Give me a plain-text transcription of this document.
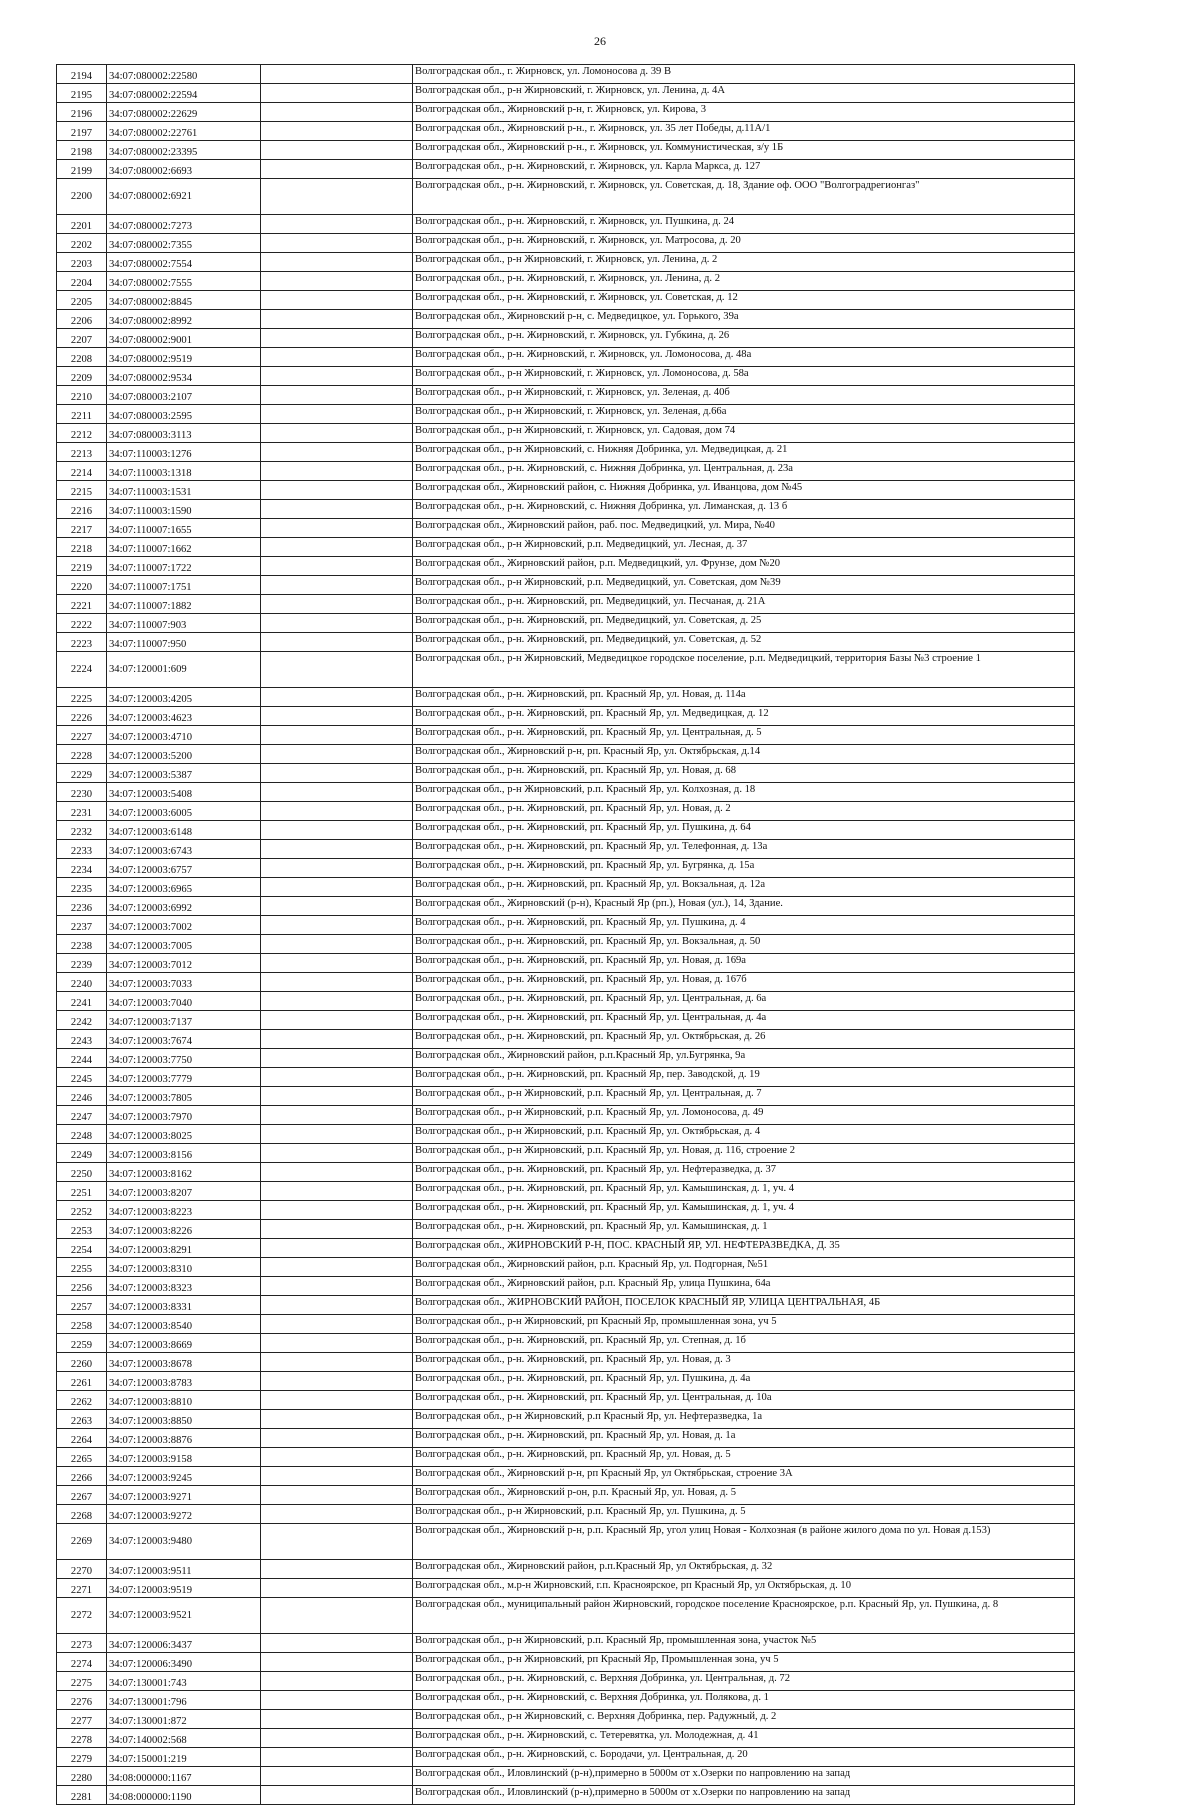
26
2194	34:07:080002:22580		Волгоградская обл., г. Жирновск, ул. Ломоносова д. 39 В
2195	34:07:080002:22594		Волгоградская обл., р-н Жирновский, г. Жирновск, ул. Ленина, д. 4А
2196	34:07:080002:22629		Волгоградская обл., Жирновский р-н, г. Жирновск, ул. Кирова, 3
2197	34:07:080002:22761		Волгоградская обл., Жирновский р-н., г. Жирновск, ул. 35 лет Победы, д.11А/1
2198	34:07:080002:23395		Волгоградская обл., Жирновский р-н., г. Жирновск, ул. Коммунистическая, з/у 1Б
2199	34:07:080002:6693		Волгоградская обл., р-н. Жирновский, г. Жирновск, ул. Карла Маркса, д. 127
2200	34:07:080002:6921		Волгоградская обл., р-н. Жирновский, г. Жирновск, ул. Советская, д. 18, Здание оф. ООО "Волгоградрегионгаз"
2201	34:07:080002:7273		Волгоградская обл., р-н. Жирновский, г. Жирновск, ул. Пушкина, д. 24
2202	34:07:080002:7355		Волгоградская обл., р-н. Жирновский, г. Жирновск, ул. Матросова, д. 20
2203	34:07:080002:7554		Волгоградская обл., р-н Жирновский, г. Жирновск, ул. Ленина, д. 2
2204	34:07:080002:7555		Волгоградская обл., р-н. Жирновский, г. Жирновск, ул. Ленина, д. 2
2205	34:07:080002:8845		Волгоградская обл., р-н. Жирновский, г. Жирновск, ул. Советская, д. 12
2206	34:07:080002:8992		Волгоградская обл., Жирновский р-н, с. Медведицкое, ул. Горького, 39а
2207	34:07:080002:9001		Волгоградская обл., р-н. Жирновский, г. Жирновск, ул. Губкина, д. 26
2208	34:07:080002:9519		Волгоградская обл., р-н. Жирновский, г. Жирновск, ул. Ломоносова, д. 48а
2209	34:07:080002:9534		Волгоградская обл., р-н Жирновский, г. Жирновск, ул. Ломоносова, д. 58а
2210	34:07:080003:2107		Волгоградская обл., р-н Жирновский, г. Жирновск, ул. Зеленая, д. 40б
2211	34:07:080003:2595		Волгоградская обл., р-н Жирновский, г. Жирновск, ул. Зеленая, д.66а
2212	34:07:080003:3113		Волгоградская обл., р-н Жирновский, г. Жирновск, ул. Садовая, дом 74
2213	34:07:110003:1276		Волгоградская обл., р-н Жирновский, с. Нижняя Добринка, ул. Медведицкая, д. 21
2214	34:07:110003:1318		Волгоградская обл., р-н. Жирновский, с. Нижняя Добринка, ул. Центральная, д. 23а
2215	34:07:110003:1531		Волгоградская обл., Жирновский район, с. Нижняя Добринка, ул. Иванцова, дом №45
2216	34:07:110003:1590		Волгоградская обл., р-н. Жирновский, с. Нижняя Добринка, ул. Лиманская, д. 13 б
2217	34:07:110007:1655		Волгоградская обл., Жирновский район, раб. пос. Медведицкий, ул. Мира, №40
2218	34:07:110007:1662		Волгоградская обл., р-н Жирновский, р.п. Медведицкий, ул. Лесная, д. 37
2219	34:07:110007:1722		Волгоградская обл., Жирновский район, р.п. Медведицкий, ул. Фрунзе, дом №20
2220	34:07:110007:1751		Волгоградская обл., р-н Жирновский, р.п. Медведицкий, ул. Советская, дом №39
2221	34:07:110007:1882		Волгоградская обл., р-н. Жирновский, рп. Медведицкий, ул. Песчаная, д. 21А
2222	34:07:110007:903		Волгоградская обл., р-н. Жирновский, рп. Медведицкий, ул. Советская, д. 25
2223	34:07:110007:950		Волгоградская обл., р-н. Жирновский, рп. Медведицкий, ул. Советская, д. 52
2224	34:07:120001:609		Волгоградская обл., р-н Жирновский, Медведицкое городское поселение, р.п. Медведицкий, территория Базы №3 строение 1
2225	34:07:120003:4205		Волгоградская обл., р-н. Жирновский, рп. Красный Яр, ул. Новая, д. 114а
2226	34:07:120003:4623		Волгоградская обл., р-н. Жирновский, рп. Красный Яр, ул. Медведицкая, д. 12
2227	34:07:120003:4710		Волгоградская обл., р-н. Жирновский, рп. Красный Яр, ул. Центральная, д. 5
2228	34:07:120003:5200		Волгоградская обл., Жирновский р-н, рп. Красный Яр, ул. Октябрьская, д.14
2229	34:07:120003:5387		Волгоградская обл., р-н. Жирновский, рп. Красный Яр, ул. Новая, д. 68
2230	34:07:120003:5408		Волгоградская обл., р-н Жирновский, р.п. Красный Яр, ул. Колхозная, д. 18
2231	34:07:120003:6005		Волгоградская обл., р-н. Жирновский, рп. Красный Яр, ул. Новая, д. 2
2232	34:07:120003:6148		Волгоградская обл., р-н. Жирновский, рп. Красный Яр, ул. Пушкина, д. 64
2233	34:07:120003:6743		Волгоградская обл., р-н. Жирновский, рп. Красный Яр, ул. Телефонная, д. 13а
2234	34:07:120003:6757		Волгоградская обл., р-н. Жирновский, рп. Красный Яр, ул. Бугрянка, д. 15а
2235	34:07:120003:6965		Волгоградская обл., р-н. Жирновский, рп. Красный Яр, ул. Вокзальная, д. 12а
2236	34:07:120003:6992		Волгоградская обл., Жирновский (р-н), Красный Яр (рп.), Новая (ул.), 14, Здание.
2237	34:07:120003:7002		Волгоградская обл., р-н. Жирновский, рп. Красный Яр, ул. Пушкина, д. 4
2238	34:07:120003:7005		Волгоградская обл., р-н. Жирновский, рп. Красный Яр, ул. Вокзальная, д. 50
2239	34:07:120003:7012		Волгоградская обл., р-н. Жирновский, рп. Красный Яр, ул. Новая, д. 169а
2240	34:07:120003:7033		Волгоградская обл., р-н. Жирновский, рп. Красный Яр, ул. Новая, д. 167б
2241	34:07:120003:7040		Волгоградская обл., р-н. Жирновский, рп. Красный Яр, ул. Центральная, д. 6а
2242	34:07:120003:7137		Волгоградская обл., р-н. Жирновский, рп. Красный Яр, ул. Центральная, д. 4а
2243	34:07:120003:7674		Волгоградская обл., р-н. Жирновский, рп. Красный Яр, ул. Октябрьская, д. 26
2244	34:07:120003:7750		Волгоградская обл., Жирновский район, р.п.Красный Яр, ул.Бугрянка, 9а
2245	34:07:120003:7779		Волгоградская обл., р-н. Жирновский, рп. Красный Яр, пер. Заводской, д. 19
2246	34:07:120003:7805		Волгоградская обл., р-н Жирновский, р.п. Красный Яр, ул. Центральная, д. 7
2247	34:07:120003:7970		Волгоградская обл., р-н Жирновский, р.п. Красный Яр, ул. Ломоносова, д. 49
2248	34:07:120003:8025		Волгоградская обл., р-н Жирновский, р.п. Красный Яр, ул. Октябрьская, д. 4
2249	34:07:120003:8156		Волгоградская обл., р-н Жирновский, р.п. Красный Яр, ул. Новая, д. 116, строение 2
2250	34:07:120003:8162		Волгоградская обл., р-н. Жирновский, рп. Красный Яр, ул. Нефтеразведка, д. 37
2251	34:07:120003:8207		Волгоградская обл., р-н. Жирновский, рп. Красный Яр, ул. Камышинская, д. 1, уч. 4
2252	34:07:120003:8223		Волгоградская обл., р-н. Жирновский, рп. Красный Яр, ул. Камышинская, д. 1, уч. 4
2253	34:07:120003:8226		Волгоградская обл., р-н. Жирновский, рп. Красный Яр, ул. Камышинская, д. 1
2254	34:07:120003:8291		Волгоградская обл., ЖИРНОВСКИЙ Р-Н, ПОС. КРАСНЫЙ ЯР, УЛ. НЕФТЕРАЗВЕДКА, Д. 35
2255	34:07:120003:8310		Волгоградская обл., Жирновский район, р.п. Красный Яр, ул. Подгорная, №51
2256	34:07:120003:8323		Волгоградская обл., Жирновский район, р.п. Красный Яр, улица Пушкина, 64а
2257	34:07:120003:8331		Волгоградская обл., ЖИРНОВСКИЙ РАЙОН, ПОСЕЛОК КРАСНЫЙ ЯР, УЛИЦА ЦЕНТРАЛЬНАЯ, 4Б
2258	34:07:120003:8540		Волгоградская обл., р-н Жирновский, рп Красный Яр, промышленная зона, уч 5
2259	34:07:120003:8669		Волгоградская обл., р-н. Жирновский, рп. Красный Яр, ул. Степная, д. 1б
2260	34:07:120003:8678		Волгоградская обл., р-н. Жирновский, рп. Красный Яр, ул. Новая, д. 3
2261	34:07:120003:8783		Волгоградская обл., р-н. Жирновский, рп. Красный Яр, ул. Пушкина, д. 4а
2262	34:07:120003:8810		Волгоградская обл., р-н. Жирновский, рп. Красный Яр, ул. Центральная, д. 10а
2263	34:07:120003:8850		Волгоградская обл., р-н Жирновский, р.п Красный Яр, ул. Нефтеразведка, 1а
2264	34:07:120003:8876		Волгоградская обл., р-н. Жирновский, рп. Красный Яр, ул. Новая, д. 1а
2265	34:07:120003:9158		Волгоградская обл., р-н. Жирновский, рп. Красный Яр, ул. Новая, д. 5
2266	34:07:120003:9245		Волгоградская обл., Жирновский р-н, рп Красный Яр, ул Октябрьская, строение 3А
2267	34:07:120003:9271		Волгоградская обл., Жирновский р-он, р.п. Красный Яр, ул. Новая, д. 5
2268	34:07:120003:9272		Волгоградская обл., р-н Жирновский, р.п. Красный Яр, ул. Пушкина, д. 5
2269	34:07:120003:9480		Волгоградская обл., Жирновский р-н, р.п. Красный Яр, угол улиц Новая - Колхозная (в районе жилого дома по ул. Новая д.153)
2270	34:07:120003:9511		Волгоградская обл., Жирновский район, р.п.Красный Яр, ул Октябрьская, д. 32
2271	34:07:120003:9519		Волгоградская обл., м.р-н Жирновский, г.п. Красноярское, рп Красный Яр, ул Октябрьская, д. 10
2272	34:07:120003:9521		Волгоградская обл., муниципальный район Жирновский, городское поселение Красноярское, р.п. Красный Яр, ул. Пушкина, д. 8
2273	34:07:120006:3437		Волгоградская обл., р-н Жирновский, р.п. Красный Яр, промышленная зона, участок №5
2274	34:07:120006:3490		Волгоградская обл., р-н Жирновский, рп Красный Яр, Промышленная зона, уч 5
2275	34:07:130001:743		Волгоградская обл., р-н. Жирновский, с. Верхняя Добринка, ул. Центральная, д. 72
2276	34:07:130001:796		Волгоградская обл., р-н. Жирновский, с. Верхняя Добринка, ул. Полякова, д. 1
2277	34:07:130001:872		Волгоградская обл., р-н Жирновский, с. Верхняя Добринка, пер. Радужный, д. 2
2278	34:07:140002:568		Волгоградская обл., р-н. Жирновский, с. Тетеревятка, ул. Молодежная, д. 41
2279	34:07:150001:219		Волгоградская обл., р-н. Жирновский, с. Бородачи, ул. Центральная, д. 20
2280	34:08:000000:1167		Волгоградская обл., Иловлинский (р-н),примерно в 5000м от х.Озерки по напровлению на запад
2281	34:08:000000:1190		Волгоградская обл., Иловлинский (р-н),примерно в 5000м от х.Озерки по напровлению на запад
